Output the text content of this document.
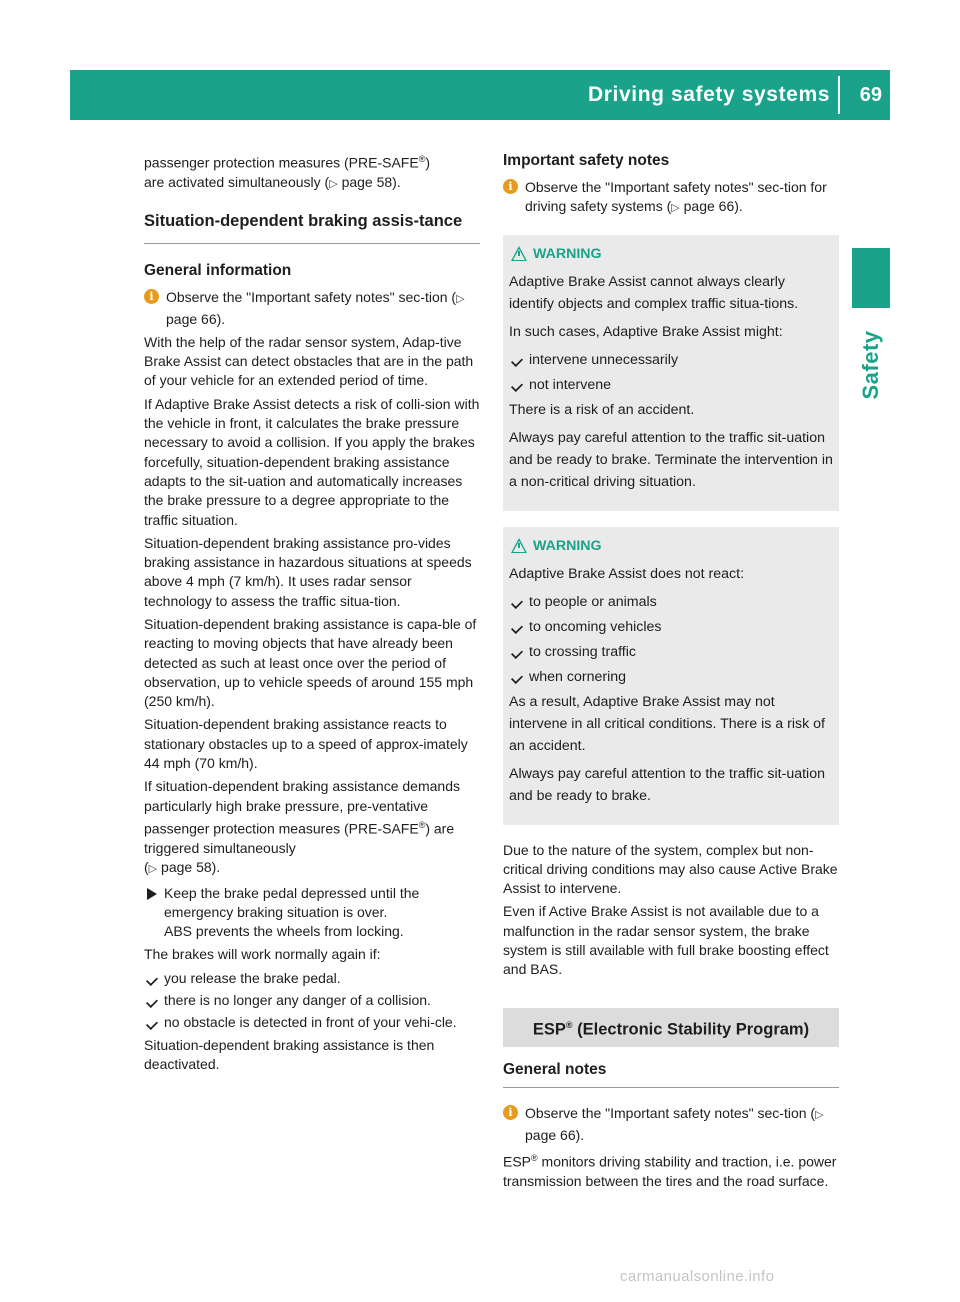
Driving safety systems 69
Safety

passenger protection measures (PRE-SAFE®)
are activated simultaneously (▷ page 58).

Situation-dependent braking assis-tance
General information
i Observe the "Important safety notes" sec-tion (▷ page 66).

With the help of the radar sensor system, Adap-tive Brake Assist can detect obstacles that are in the path of your vehicle for an extended period of time.

If Adaptive Brake Assist detects a risk of colli-sion with the vehicle in front, it calculates the brake pressure necessary to avoid a collision. If you apply the brakes forcefully, situation-dependent braking assistance adapts to the sit-uation and automatically increases the brake pressure to a degree appropriate to the traffic situation.

Situation-dependent braking assistance pro-vides braking assistance in hazardous situations at speeds above 4 mph (7 km/h). It uses radar sensor technology to assess the traffic situa-tion.

Situation-dependent braking assistance is capa-ble of reacting to moving objects that have already been detected as such at least once over the period of observation, up to vehicle speeds of around 155 mph (250 km/h).

Situation-dependent braking assistance reacts to stationary obstacles up to a speed of approx-imately 44 mph (70 km/h).

If situation-dependent braking assistance demands particularly high brake pressure, pre-ventative passenger protection measures (PRE-SAFE®) are triggered simultaneously
(▷ page 58).

Keep the brake pedal depressed until the emergency braking situation is over.
ABS prevents the wheels from locking.

The brakes will work normally again if:

you release the brake pedal.
there is no longer any danger of a collision.
no obstacle is detected in front of your vehi-cle.

Situation-dependent braking assistance is then deactivated.

Important safety notes
i Observe the "Important safety notes" sec-tion for driving safety systems (▷ page 66).
WARNING

Adaptive Brake Assist cannot always clearly identify objects and complex traffic situa-tions.

In such cases, Adaptive Brake Assist might:

intervene unnecessarily
not intervene

There is a risk of an accident.

Always pay careful attention to the traffic sit-uation and be ready to brake. Terminate the intervention in a non-critical driving situation.

WARNING

Adaptive Brake Assist does not react:

to people or animals
to oncoming vehicles
to crossing traffic
when cornering

As a result, Adaptive Brake Assist may not intervene in all critical conditions. There is a risk of an accident.

Always pay careful attention to the traffic sit-uation and be ready to brake.

Due to the nature of the system, complex but non-critical driving conditions may also cause Active Brake Assist to intervene.

Even if Active Brake Assist is not available due to a malfunction in the radar sensor system, the brake system is still available with full brake boosting effect and BAS.

ESP® (Electronic Stability Program)
General notes
i Observe the "Important safety notes" sec-tion (▷ page 66).

ESP® monitors driving stability and traction, i.e. power transmission between the tires and the road surface.

carmanualsonline.info
